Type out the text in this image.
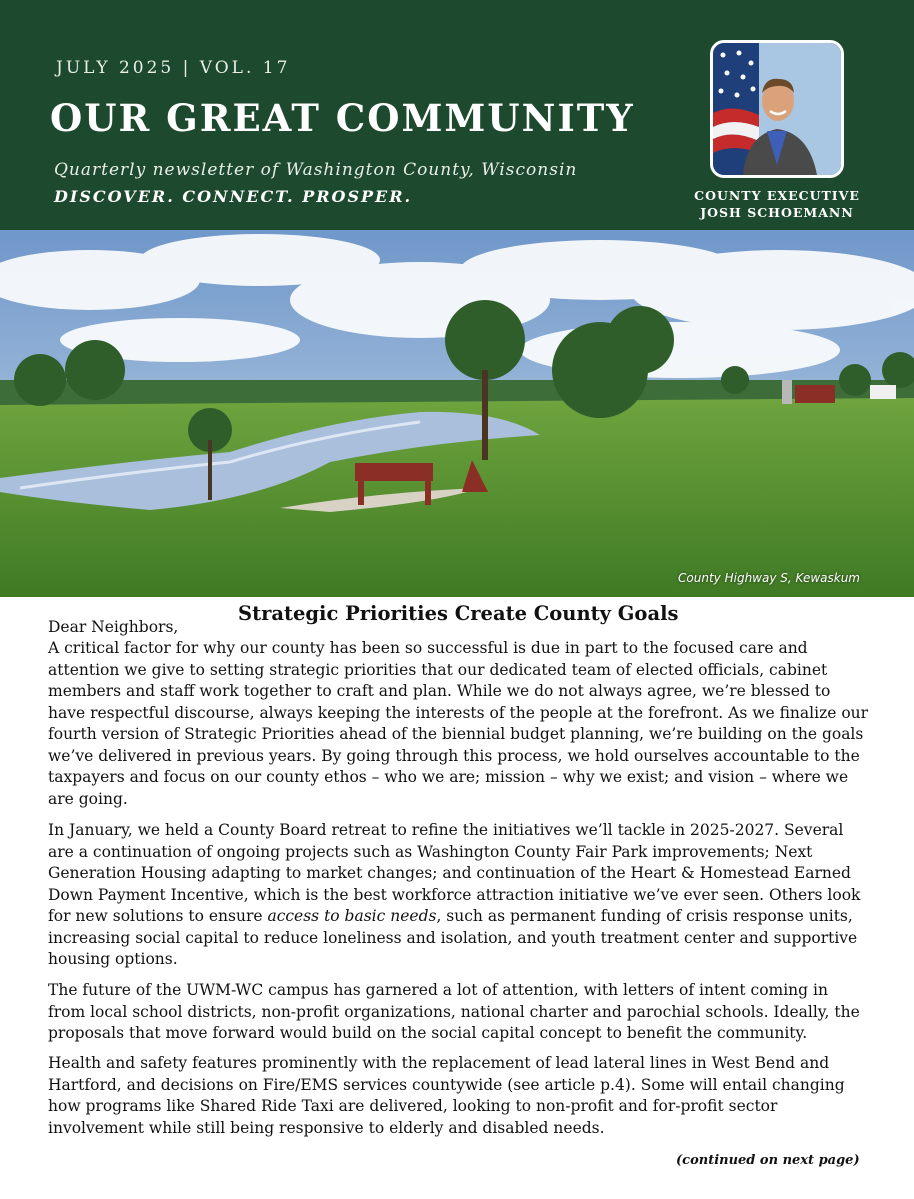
JULY 2025 | VOL. 17
OUR GREAT COMMUNITY
Quarterly newsletter of Washington County, Wisconsin
DISCOVER. CONNECT. PROSPER.	COUNTY EXECUTIVE
JOSH SCHOEMANN
County Highway S, Kewaskum
Dear Neighbors,
Strategic Priorities Create County Goals

A critical factor for why our county has been so successful is due in part to the focused care and attention we give to setting strategic priorities that our dedicated team of elected officials, cabinet members and staff work together to craft and plan. While we do not always agree, we’re blessed to have respectful discourse, always keeping the interests of the people at the forefront. As we finalize our fourth version of Strategic Priorities ahead of the biennial budget planning, we’re building on the goals we’ve delivered in previous years. By going through this process, we hold ourselves accountable to the taxpayers and focus on our county ethos – who we are; mission – why we exist; and vision – where we are going.

In January, we held a County Board retreat to refine the initiatives we’ll tackle in 2025-2027. Several are a continuation of ongoing projects such as Washington County Fair Park improvements; Next Generation Housing adapting to market changes; and continuation of the Heart & Homestead Earned Down Payment Incentive, which is the best workforce attraction initiative we’ve ever seen. Others look for new solutions to ensure access to basic needs, such as permanent funding of crisis response units, increasing social capital to reduce loneliness and isolation, and youth treatment center and supportive housing options.

The future of the UWM-WC campus has garnered a lot of attention, with letters of intent coming in from local school districts, non-profit organizations, national charter and parochial schools. Ideally, the proposals that move forward would build on the social capital concept to benefit the community.

Health and safety features prominently with the replacement of lead lateral lines in West Bend and Hartford, and decisions on Fire/EMS services countywide (see article p.4). Some will entail changing how programs like Shared Ride Taxi are delivered, looking to non-profit and for-profit sector involvement while still being responsive to elderly and disabled needs.

(continued on next page)
